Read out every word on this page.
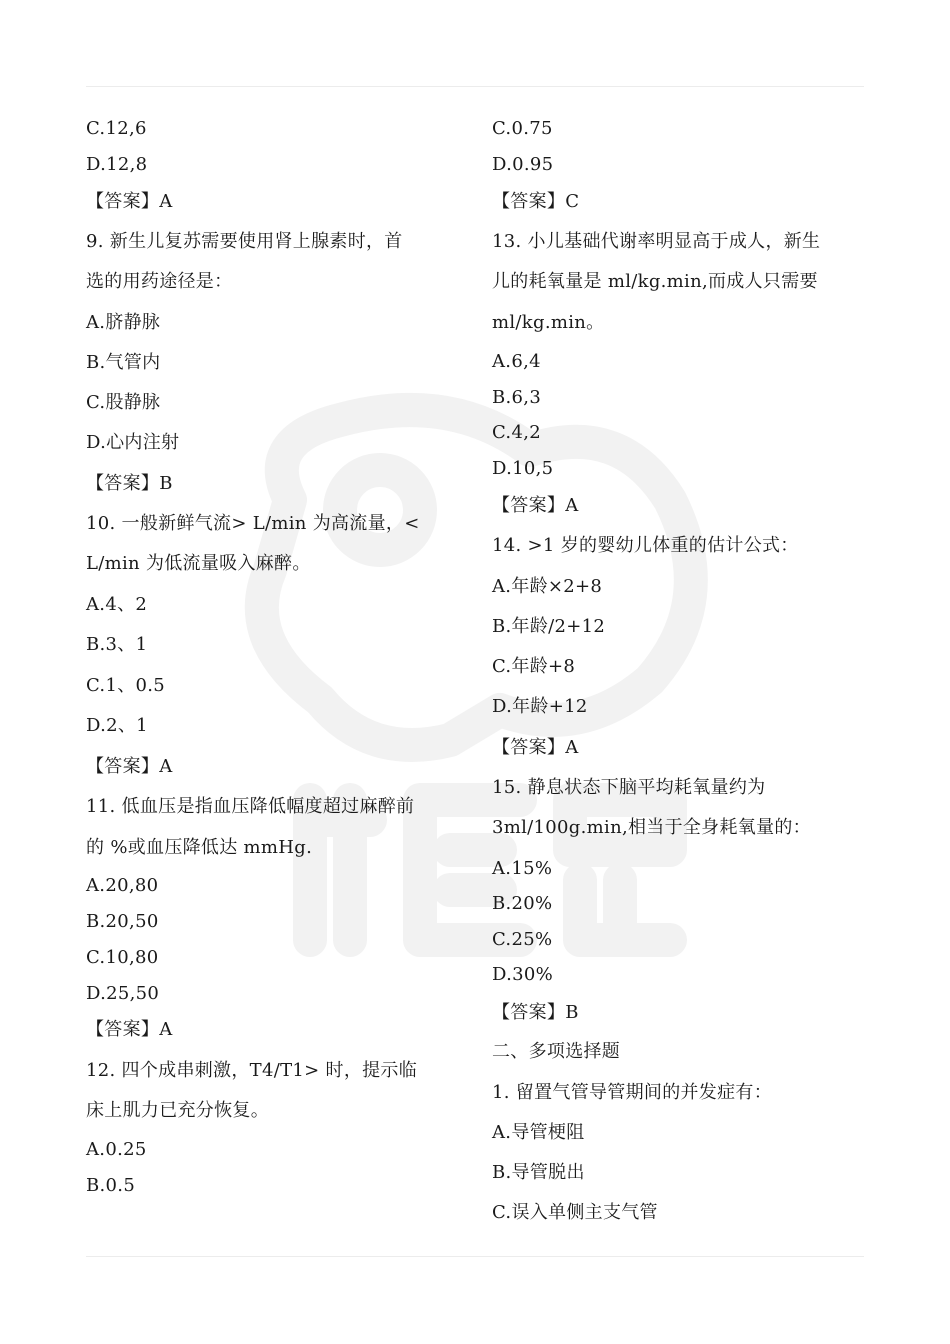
C.12,6
D.12,8
【答案】A
9. 新生儿复苏需要使用肾上腺素时，首
选的用药途径是：
A.脐静脉
B.气管内
C.股静脉
D.心内注射
【答案】B
10. 一般新鲜气流> L/min 为高流量，<
L/min 为低流量吸入麻醉。
A.4、2
B.3、1
C.1、0.5
D.2、1
【答案】A
11. 低血压是指血压降低幅度超过麻醉前
的 %或血压降低达 mmHg.
A.20,80
B.20,50
C.10,80
D.25,50
【答案】A
12. 四个成串刺激，T4/T1> 时，提示临
床上肌力已充分恢复。
A.0.25
B.0.5
C.0.75
D.0.95
【答案】C
13. 小儿基础代谢率明显高于成人，新生
儿的耗氧量是 ml/kg.min,而成人只需要
ml/kg.min。
A.6,4
B.6,3
C.4,2
D.10,5
【答案】A
14. >1 岁的婴幼儿体重的估计公式：
A.年龄×2+8
B.年龄/2+12
C.年龄+8
D.年龄+12
【答案】A
15. 静息状态下脑平均耗氧量约为
3ml/100g.min,相当于全身耗氧量的：
A.15%
B.20%
C.25%
D.30%
【答案】B
二、多项选择题
1. 留置气管导管期间的并发症有：
A.导管梗阻
B.导管脱出
C.误入单侧主支气管
